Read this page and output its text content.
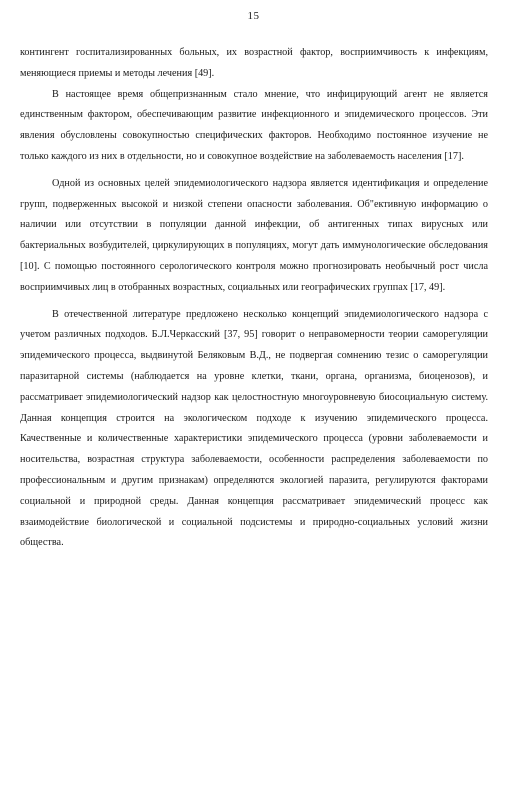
15

контингент госпитализированных больных, их возрастной фактор, восприимчивость к инфекциям, меняющиеся приемы и методы лечения [49].

В настоящее время общепризнанным стало мнение, что инфицирующий агент не является единственным фактором, обеспечивающим развитие инфекционного и эпидемического процессов. Эти явления обусловлены совокупностью специфических факторов. Необходимо постоянное изучение не только каждого из них в отдельности, но и совокупное воздействие на заболеваемость населения [17].

Одной из основных целей эпидемиологического надзора является идентификация и определение групп, подверженных высокой и низкой степени опасности заболевания. Об"ективную информацию о наличии или отсутствии в популяции данной инфекции, об антигенных типах вирусных или бактериальных возбудителей, циркулирующих в популяциях, могут дать иммунологические обследования [10]. С помощью постоянного серологического контроля можно прогнозировать необычный рост числа восприимчивых лиц в отобранных возрастных, социальных или географических группах [17, 49].

В отечественной литературе предложено несколько концепций эпидемиологического надзора с учетом различных подходов. Б.Л.Черкасский [37, 95] говорит о неправомерности теории саморегуляции эпидемического процесса, выдвинутой Беляковым В.Д., не подвергая сомнению тезис о саморегуляции паразитарной системы (наблюдается на уровне клетки, ткани, органа, организма, биоценозов), и рассматривает эпидемиологический надзор как целостностную многоуровневую биосоциальную систему. Данная концепция строится на экологическом подходе к изучению эпидемического процесса. Качественные и количественные характеристики эпидемического процесса (уровни заболеваемости и носительства, возрастная структура заболеваемости, особенности распределения заболеваемости по профессиональным и другим признакам) определяются экологией паразита, регулируются факторами социальной и природной среды. Данная концепция рассматривает эпидемический процесс как взаимодействие биологической и социальной подсистемы и природно-социальных условий жизни общества.
